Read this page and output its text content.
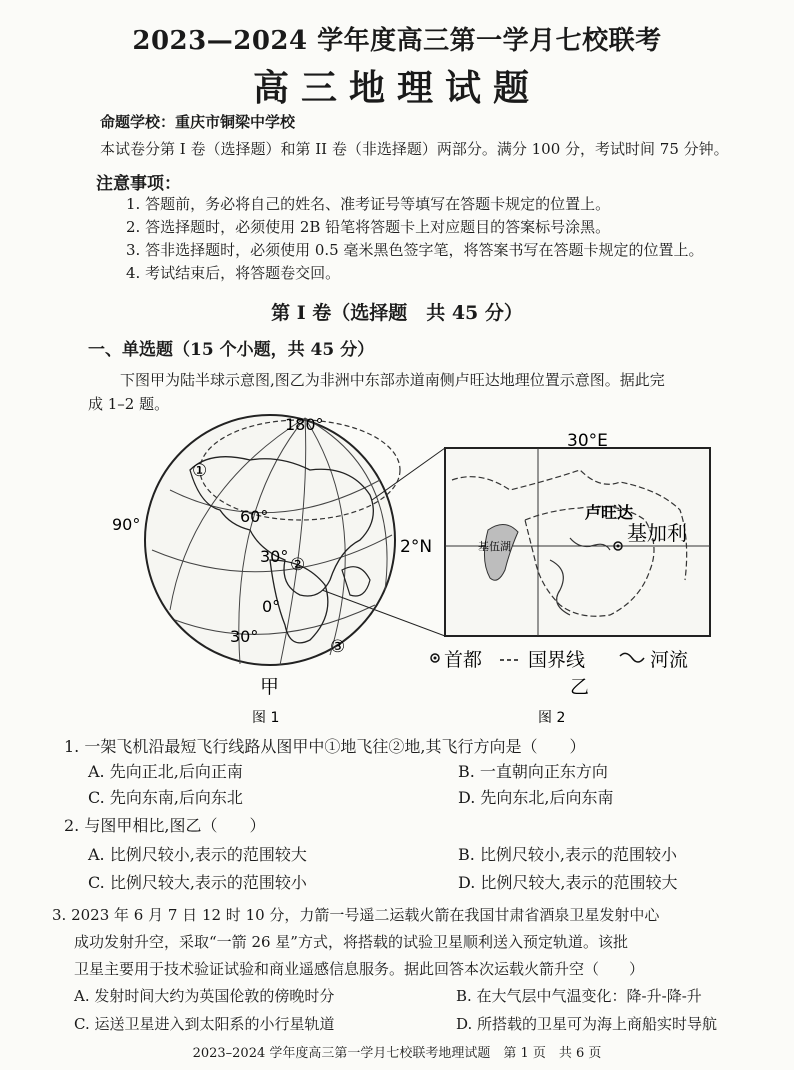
2023—2024 学年度高三第一学月七校联考
高三地理试题
命题学校：重庆市铜梁中学校
本试卷分第 I 卷（选择题）和第 II 卷（非选择题）两部分。满分 100 分，考试时间 75 分钟。
注意事项：
1. 答题前，务必将自己的姓名、准考证号等填写在答题卡规定的位置上。
2. 答选择题时，必须使用 2B 铅笔将答题卡上对应题目的答案标号涂黑。
3. 答非选择题时，必须使用 0.5 毫米黑色签字笔，将答案书写在答题卡规定的位置上。
4. 考试结束后，将答题卷交回。
第 I 卷（选择题　共 45 分）
一、单选题（15 个小题，共 45 分）
下图甲为陆半球示意图,图乙为非洲中东部赤道南侧卢旺达地理位置示意图。据此完
成 1–2 题。
180°
90°	60°
30°
0°
30°
①
②
③
30°E
2°N	基伍湖
卢旺达
基加利
首都 国界线	河流
甲	乙
图 1	图 2
1. 一架飞机沿最短飞行线路从图甲中①地飞往②地,其飞行方向是（　　）
A. 先向正北,后向正南	B. 一直朝向正东方向
C. 先向东南,后向东北	D. 先向东北,后向东南
2. 与图甲相比,图乙（　　）
A. 比例尺较小,表示的范围较大	B. 比例尺较小,表示的范围较小
C. 比例尺较大,表示的范围较小	D. 比例尺较大,表示的范围较大
3. 2023 年 6 月 7 日 12 时 10 分，力箭一号遥二运载火箭在我国甘肃省酒泉卫星发射中心
成功发射升空，采取“一箭 26 星”方式，将搭载的试验卫星顺利送入预定轨道。该批
卫星主要用于技术验证试验和商业遥感信息服务。据此回答本次运载火箭升空（　　）
A. 发射时间大约为英国伦敦的傍晚时分	B. 在大气层中气温变化：降-升-降-升
C. 运送卫星进入到太阳系的小行星轨道	D. 所搭载的卫星可为海上商船实时导航
2023–2024 学年度高三第一学月七校联考地理试题　第 1 页　共 6 页
